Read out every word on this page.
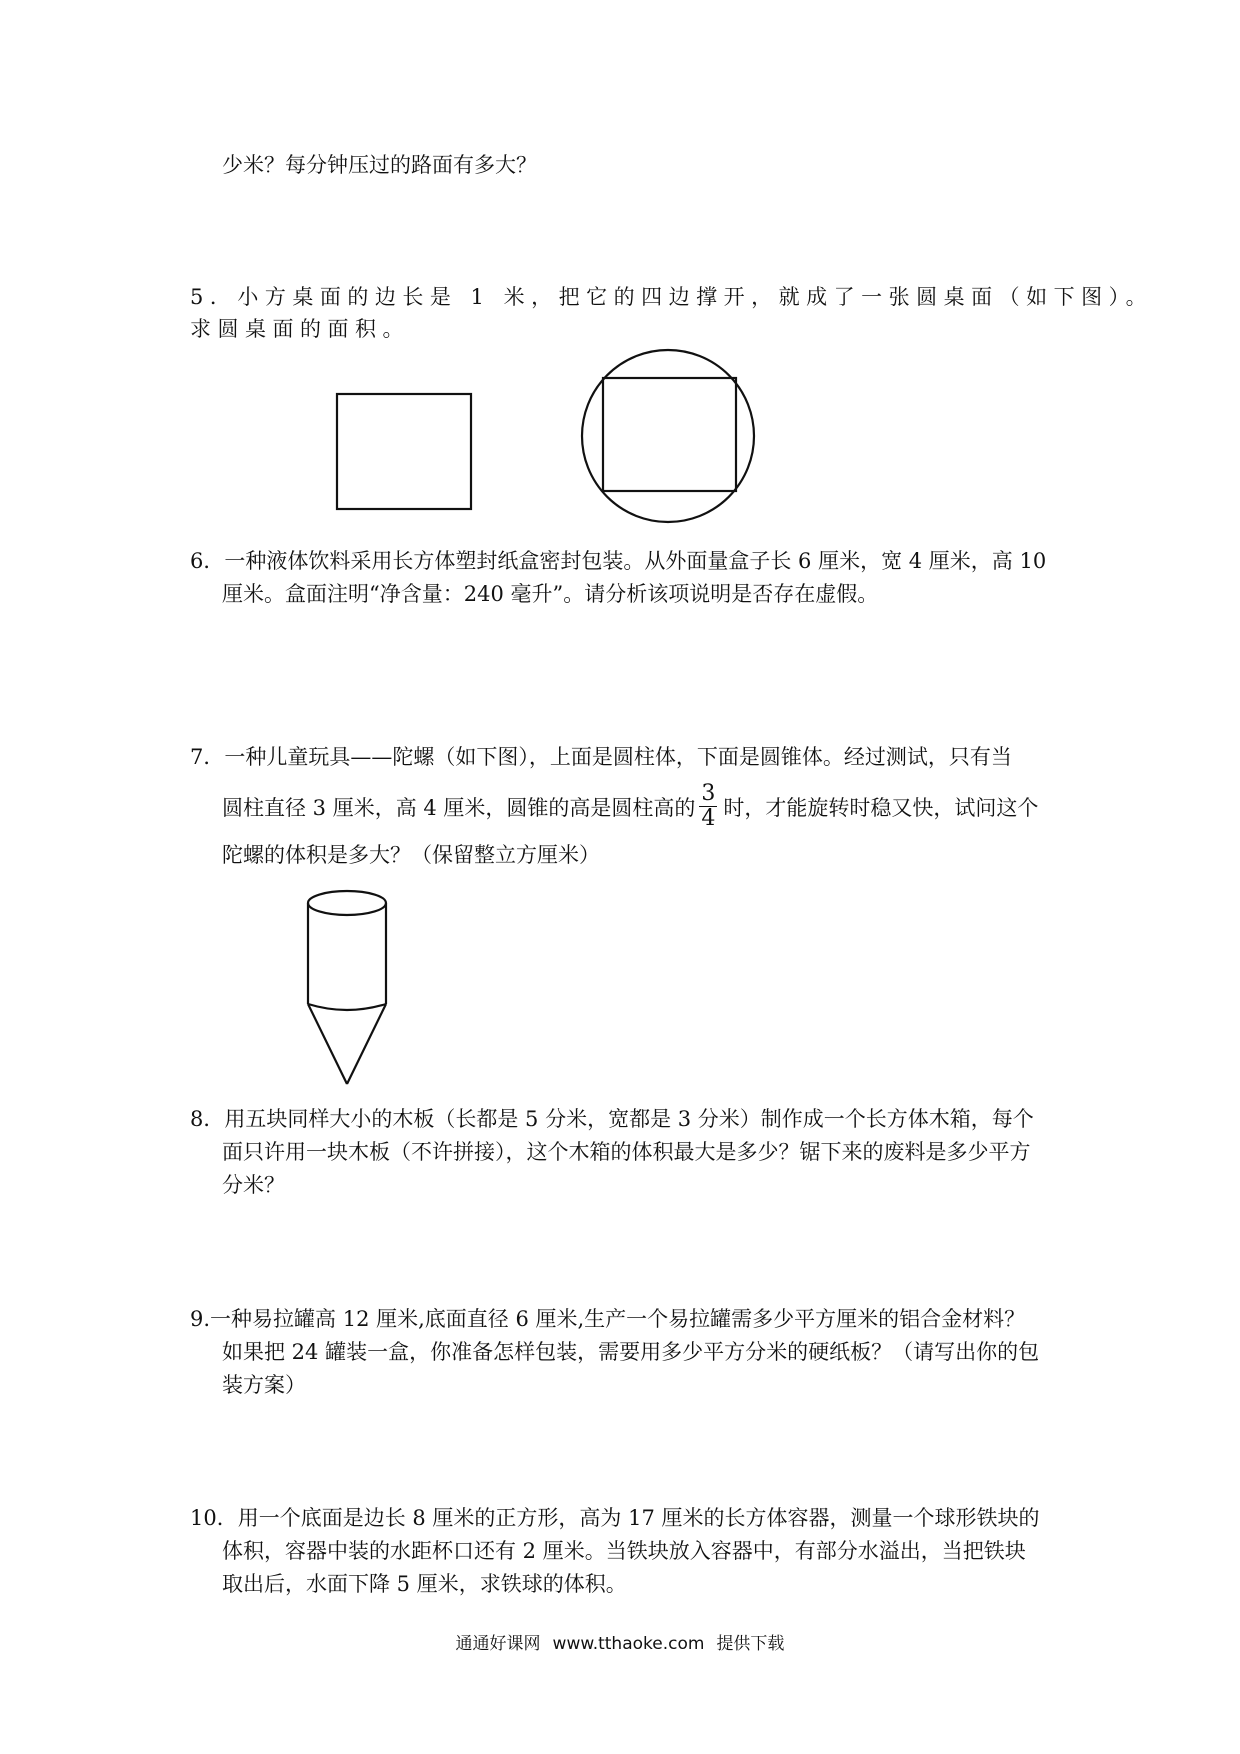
少米？每分钟压过的路面有多大？
5．小方桌面的边长是 1 米，把它的四边撑开，就成了一张圆桌面（如下图）。
求圆桌面的面积。
6．一种液体饮料采用长方体塑封纸盒密封包装。从外面量盒子长 6 厘米，宽 4 厘米，高 10
厘米。盒面注明“净含量：240 毫升”。请分析该项说明是否存在虚假。
7．一种儿童玩具——陀螺（如下图），上面是圆柱体，下面是圆锥体。经过测试，只有当
圆柱直径 3 厘米，高 4 厘米，圆锥的高是圆柱高的 $\frac{3}{4}$ 时，才能旋转时稳又快，试问这个
陀螺的体积是多大？（保留整立方厘米）
8．用五块同样大小的木板（长都是 5 分米，宽都是 3 分米）制作成一个长方体木箱，每个
面只许用一块木板（不许拼接），这个木箱的体积最大是多少？锯下来的废料是多少平方
分米？
9.一种易拉罐高 12 厘米,底面直径 6 厘米,生产一个易拉罐需多少平方厘米的铝合金材料？
如果把 24 罐装一盒，你准备怎样包装，需要用多少平方分米的硬纸板？（请写出你的包
装方案）
10．用一个底面是边长 8 厘米的正方形，高为 17 厘米的长方体容器，测量一个球形铁块的
体积，容器中装的水距杯口还有 2 厘米。当铁块放入容器中，有部分水溢出，当把铁块
取出后，水面下降 5 厘米，求铁球的体积。
通通好课网 www.tthaoke.com 提供下载
